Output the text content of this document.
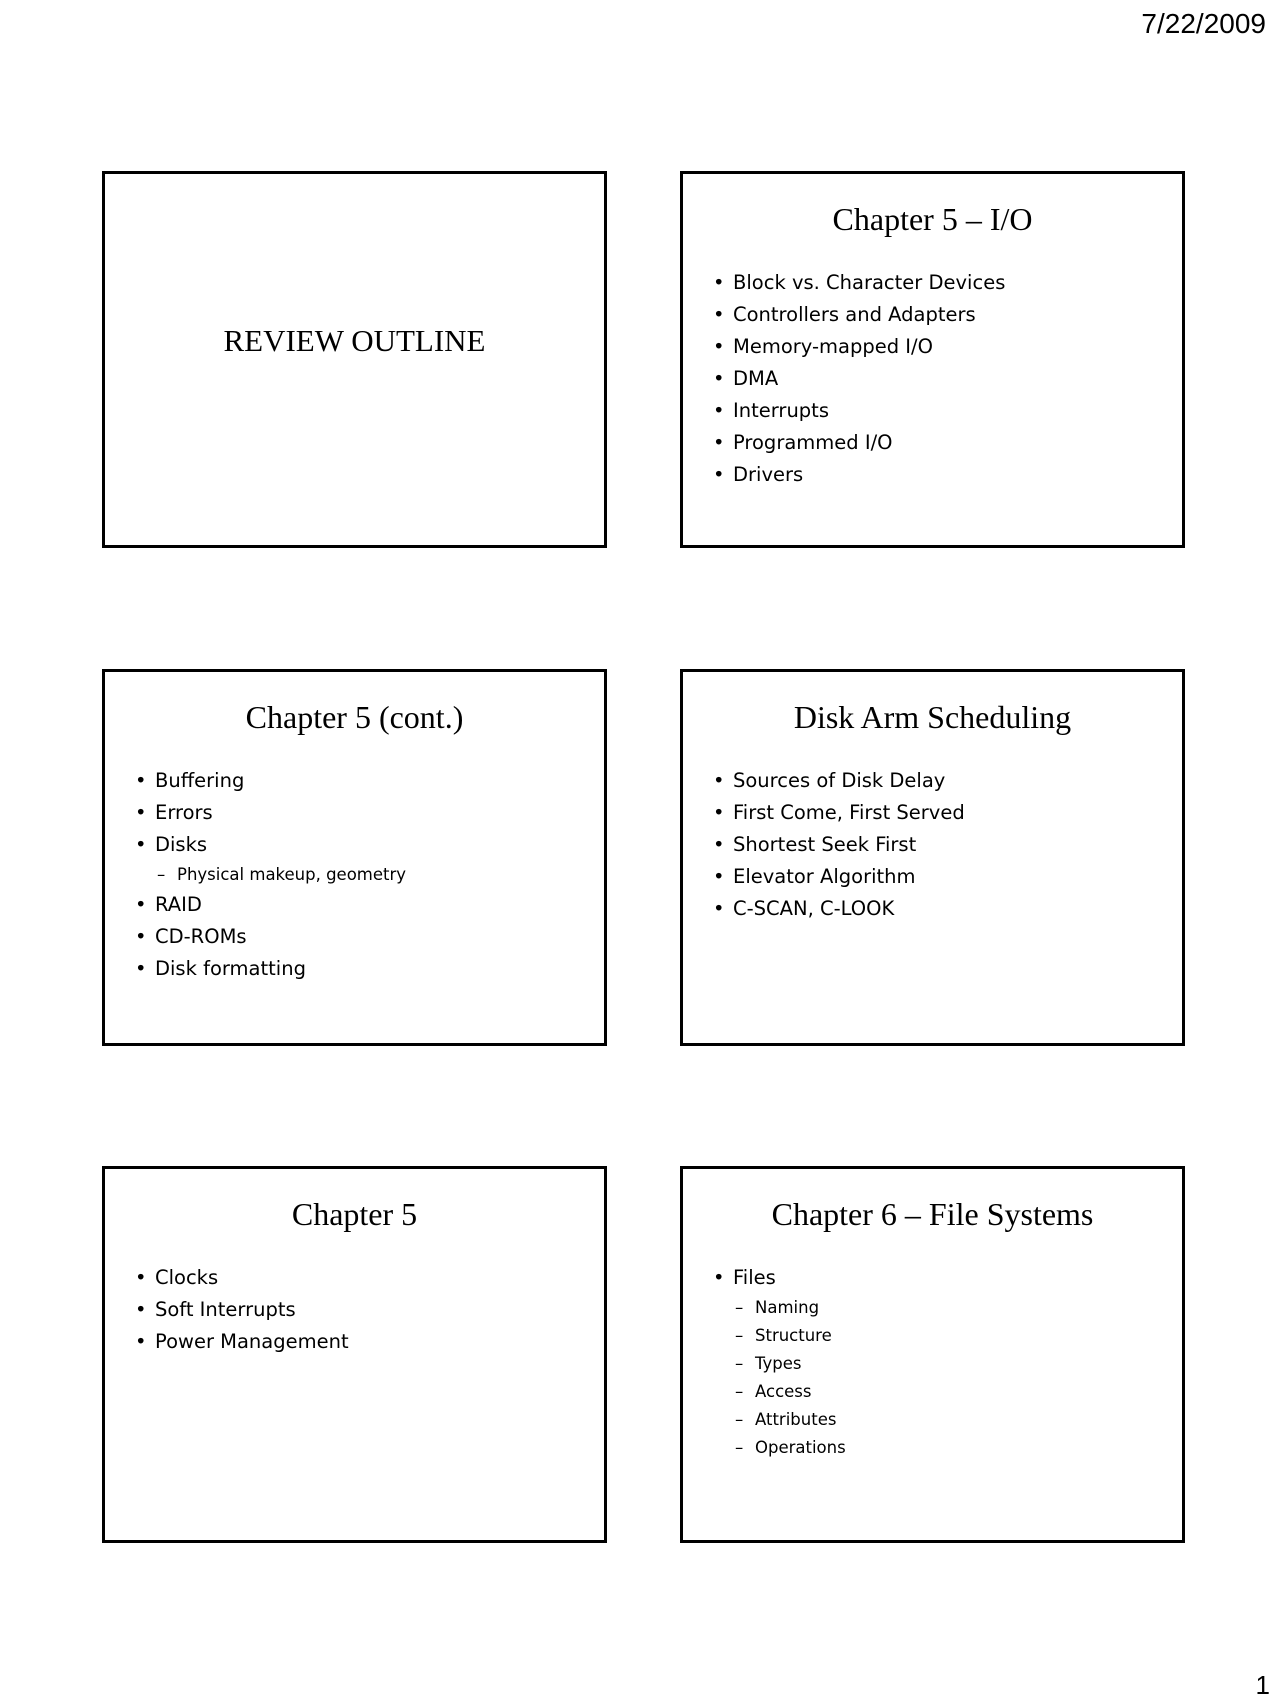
7/22/2009
REVIEW OUTLINE
Chapter 5 – I/O
• Block vs. Character Devices
• Controllers and Adapters
• Memory-mapped I/O
• DMA
• Interrupts
• Programmed I/O
• Drivers
Chapter 5 (cont.)
• Buffering
• Errors
• Disks
– Physical makeup, geometry
• RAID
• CD-ROMs
• Disk formatting
Disk Arm Scheduling
• Sources of Disk Delay
• First Come, First Served
• Shortest Seek First
• Elevator Algorithm
• C-SCAN, C-LOOK
Chapter 5
• Clocks
• Soft Interrupts
• Power Management
Chapter 6 – File Systems
• Files
– Naming
– Structure
– Types
– Access
– Attributes
– Operations
1
